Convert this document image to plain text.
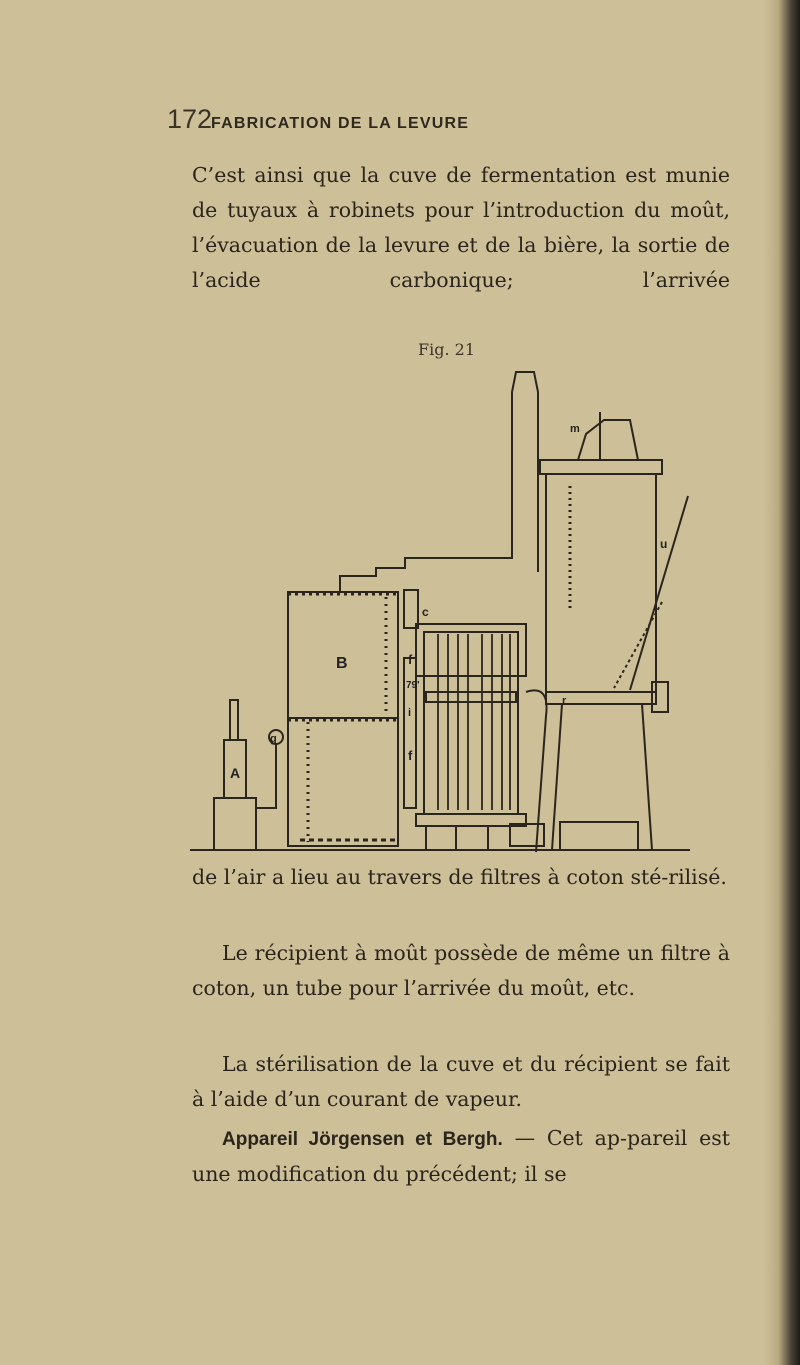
172
FABRICATION DE LA LEVURE

C’est ainsi que la cuve de fermentation est munie de tuyaux à robinets pour l’introduction du moût, l’évacuation de la levure et de la bière, la sortie de l’acide carbonique; l’arrivée

Fig. 21

A
B
g
f
f
i
79'
c
m
u
r

de l’air a lieu au travers de filtres à coton sté-rilisé.

Le récipient à moût possède de même un filtre à coton, un tube pour l’arrivée du moût, etc.

La stérilisation de la cuve et du récipient se fait à l’aide d’un courant de vapeur.

Appareil Jörgensen et Bergh. — Cet ap-pareil est une modification du précédent; il se
